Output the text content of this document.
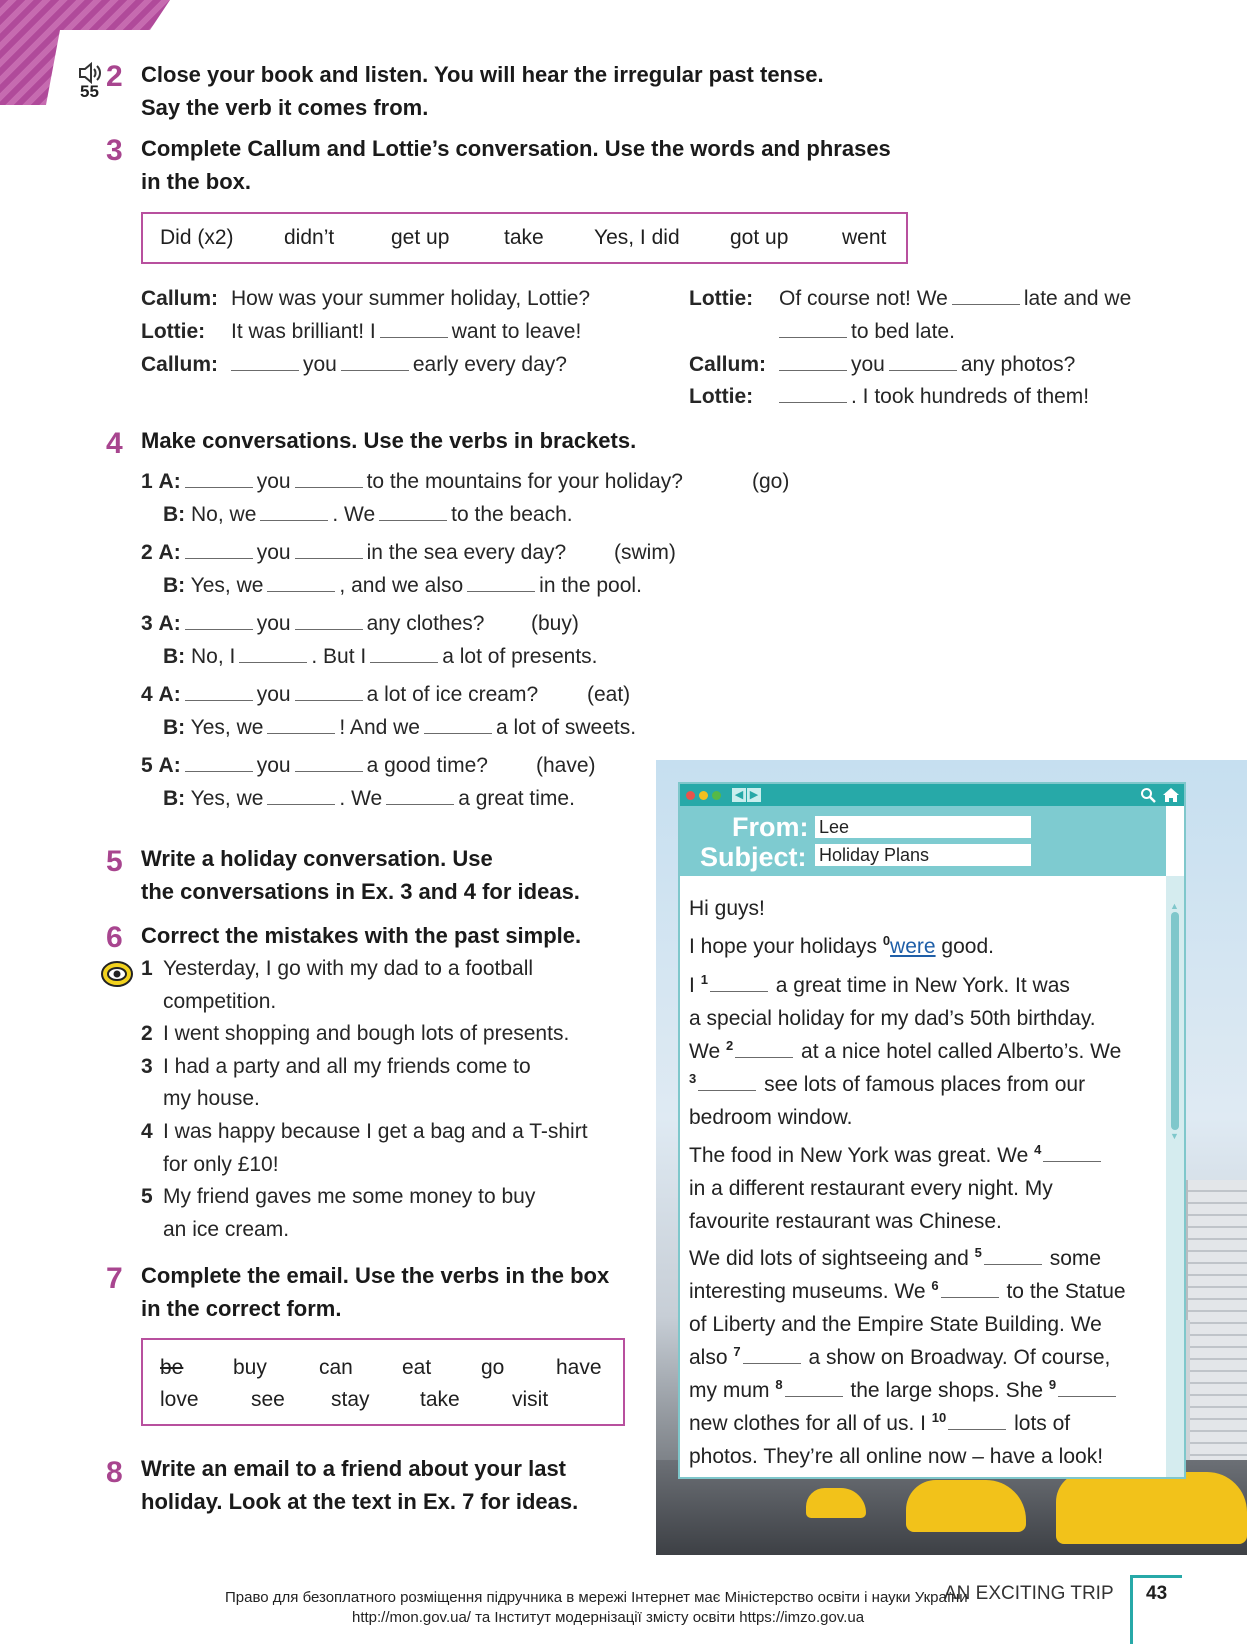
55 2 Close your book and listen. You will hear the irregular past tense.
Say the verb it comes from.
3 Complete Callum and Lottie’s conversation. Use the words and phrases
in the box.
Did (x2) didn’t	get up	take Yes, I did got up	went
Callum: How was your summer holiday, Lottie?
Lottie: It was brilliant! I	want to leave!
Callum:	you	early every day?
Lottie: Of course not! We	late and we
to bed late.
Callum:	you	any photos?
Lottie:	. I took hundreds of them!
4 Make conversations. Use the verbs in brackets.
1 A:	you	to the mountains for your holiday?	(go)
B: No, we	. We	to the beach.
2 A:	you	in the sea every day? (swim)
B: Yes, we	, and we also	in the pool.
3 A:	you	any clothes? (buy)
B: No, I	. But I	a lot of presents.
4 A:	you	a lot of ice cream? (eat)
B: Yes, we	! And we	a lot of sweets.
5 A:	you	a good time? (have)
B: Yes, we	. We	a great time.
5 Write a holiday conversation. Use
the conversations in Ex. 3 and 4 for ideas.
6 Correct the mistakes with the past simple.
1 Yesterday, I go with my dad to a football
competition.
2 I went shopping and bough lots of presents.
3 I had a party and all my friends come to
my house.
4 I was happy because I get a bag and a T-shirt
for only £10!
5 My friend gaves me some money to buy
an ice cream.
7 Complete the email. Use the verbs in the box
in the correct form.
be buy can eat go have
love see stay take visit
8 Write an email to a friend about your last
holiday. Look at the text in Ex. 7 for ideas.
◀ ▶
From: Lee
Subject: Holiday Plans
▲
▼
Hi guys!
I hope your holidays $^0$were good.
I $^1$	a great time in New York. It was
a special holiday for my dad’s 50th birthday.
We $^2$	at a nice hotel called Alberto’s. We
$^3$	see lots of famous places from our
bedroom window.
The food in New York was great. We $^4$
in a different restaurant every night. My
favourite restaurant was Chinese.
We did lots of sightseeing and $^5$	some
interesting museums. We $^6$	to the Statue
of Liberty and the Empire State Building. We
also $^7$	a show on Broadway. Of course,
my mum $^8$	the large shops. She $^9$
new clothes for all of us. I $^{10}$	lots of
photos. They’re all online now – have a look!
AN EXCITING TRIP 43
Право для безоплатного розміщення підручника в мережі Інтернет має Міністерство освіти і науки України
http://mon.gov.ua/ та Інститут модернізації змісту освіти https://imzo.gov.ua
